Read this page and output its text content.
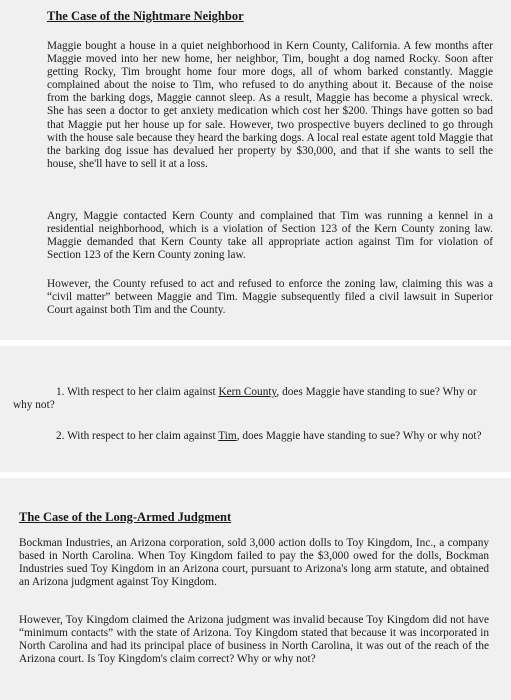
The Case of the Nightmare Neighbor

Maggie bought a house in a quiet neighborhood in Kern County, California. A few months after Maggie moved into her new home, her neighbor, Tim, bought a dog named Rocky. Soon after getting Rocky, Tim brought home four more dogs, all of whom barked constantly. Maggie complained about the noise to Tim, who refused to do anything about it. Because of the noise from the barking dogs, Maggie cannot sleep. As a result, Maggie has become a physical wreck. She has seen a doctor to get anxiety medication which cost her $200. Things have gotten so bad that Maggie put her house up for sale. However, two prospective buyers declined to go through with the house sale because they heard the barking dogs. A local real estate agent told Maggie that the barking dog issue has devalued her property by $30,000, and that if she wants to sell the house, she'll have to sell it at a loss.

Angry, Maggie contacted Kern County and complained that Tim was running a kennel in a residential neighborhood, which is a violation of Section 123 of the Kern County zoning law. Maggie demanded that Kern County take all appropriate action against Tim for violation of Section 123 of the Kern County zoning law.

However, the County refused to act and refused to enforce the zoning law, claiming this was a “civil matter” between Maggie and Tim. Maggie subsequently filed a civil lawsuit in Superior Court against both Tim and the County.

1. With respect to her claim against Kern County, does Maggie have standing to sue? Why or why not?

2. With respect to her claim against Tim, does Maggie have standing to sue? Why or why not?

The Case of the Long-Armed Judgment

Bockman Industries, an Arizona corporation, sold 3,000 action dolls to Toy Kingdom, Inc., a company based in North Carolina. When Toy Kingdom failed to pay the $3,000 owed for the dolls, Bockman Industries sued Toy Kingdom in an Arizona court, pursuant to Arizona's long arm statute, and obtained an Arizona judgment against Toy Kingdom.

However, Toy Kingdom claimed the Arizona judgment was invalid because Toy Kingdom did not have “minimum contacts” with the state of Arizona. Toy Kingdom stated that because it was incorporated in North Carolina and had its principal place of business in North Carolina, it was out of the reach of the Arizona court. Is Toy Kingdom's claim correct? Why or why not?
